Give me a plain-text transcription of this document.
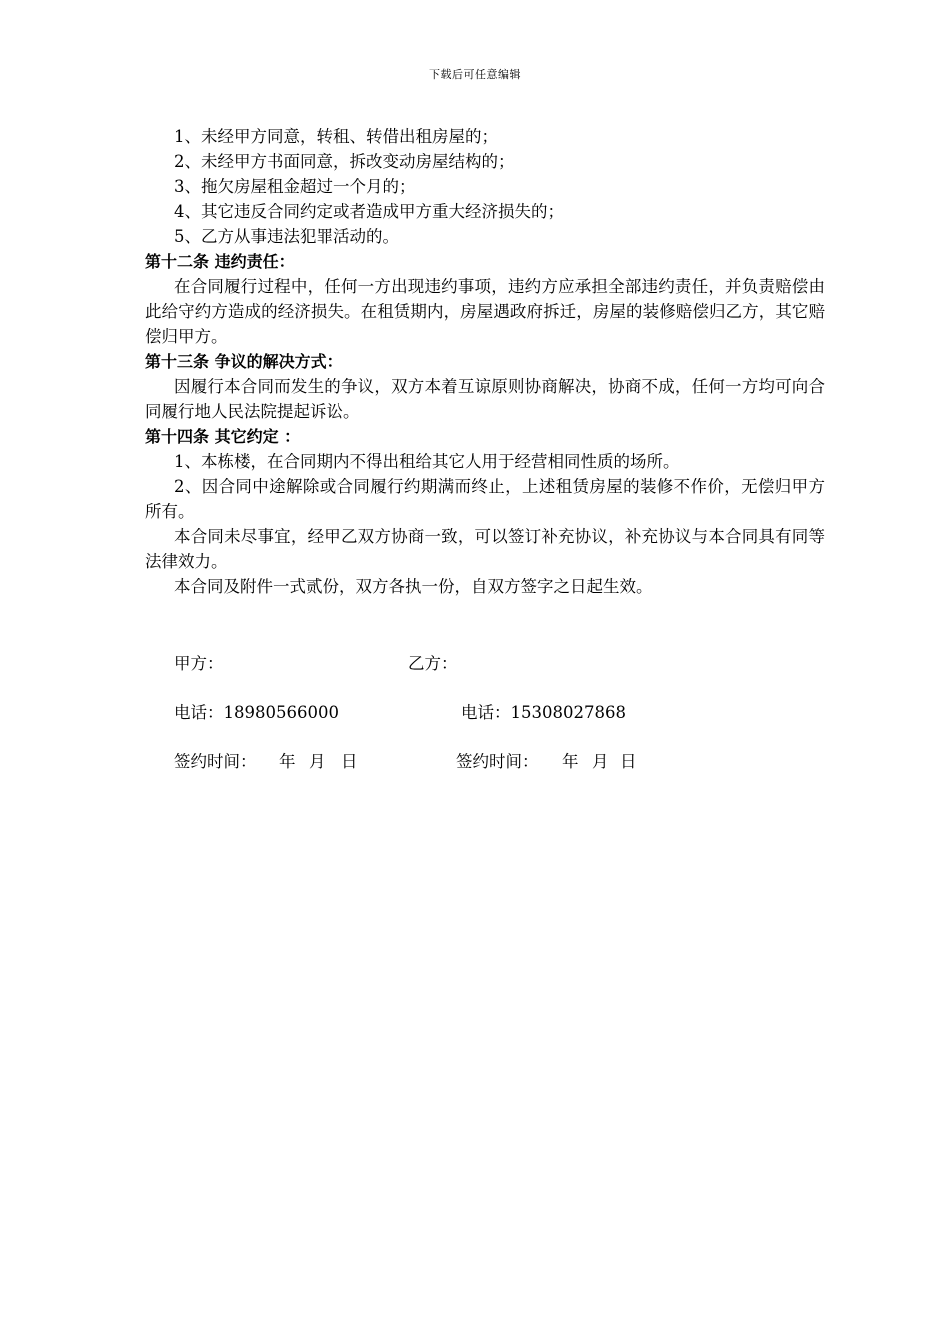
下载后可任意编辑

1、未经甲方同意，转租、转借出租房屋的；

2、未经甲方书面同意，拆改变动房屋结构的；

3、拖欠房屋租金超过一个月的；

4、其它违反合同约定或者造成甲方重大经济损失的；

5、乙方从事违法犯罪活动的。

第十二条 违约责任：

在合同履行过程中，任何一方出现违约事项，违约方应承担全部违约责任，并负责赔偿由此给守约方造成的经济损失。在租赁期内，房屋遇政府拆迁，房屋的装修赔偿归乙方，其它赔偿归甲方。

第十三条 争议的解决方式：

因履行本合同而发生的争议，双方本着互谅原则协商解决，协商不成，任何一方均可向合同履行地人民法院提起诉讼。

第十四条 其它约定 ：

1、本栋楼，在合同期内不得出租给其它人用于经营相同性质的场所。

2、因合同中途解除或合同履行约期满而终止，上述租赁房屋的装修不作价，无偿归甲方所有。

本合同未尽事宜，经甲乙双方协商一致，可以签订补充协议，补充协议与本合同具有同等法律效力。

本合同及附件一式贰份，双方各执一份，自双方签字之日起生效。

甲方：	乙方：
电话：18980566000	电话：15308027868
签约时间： 年 月 日	签约时间： 年 月 日
